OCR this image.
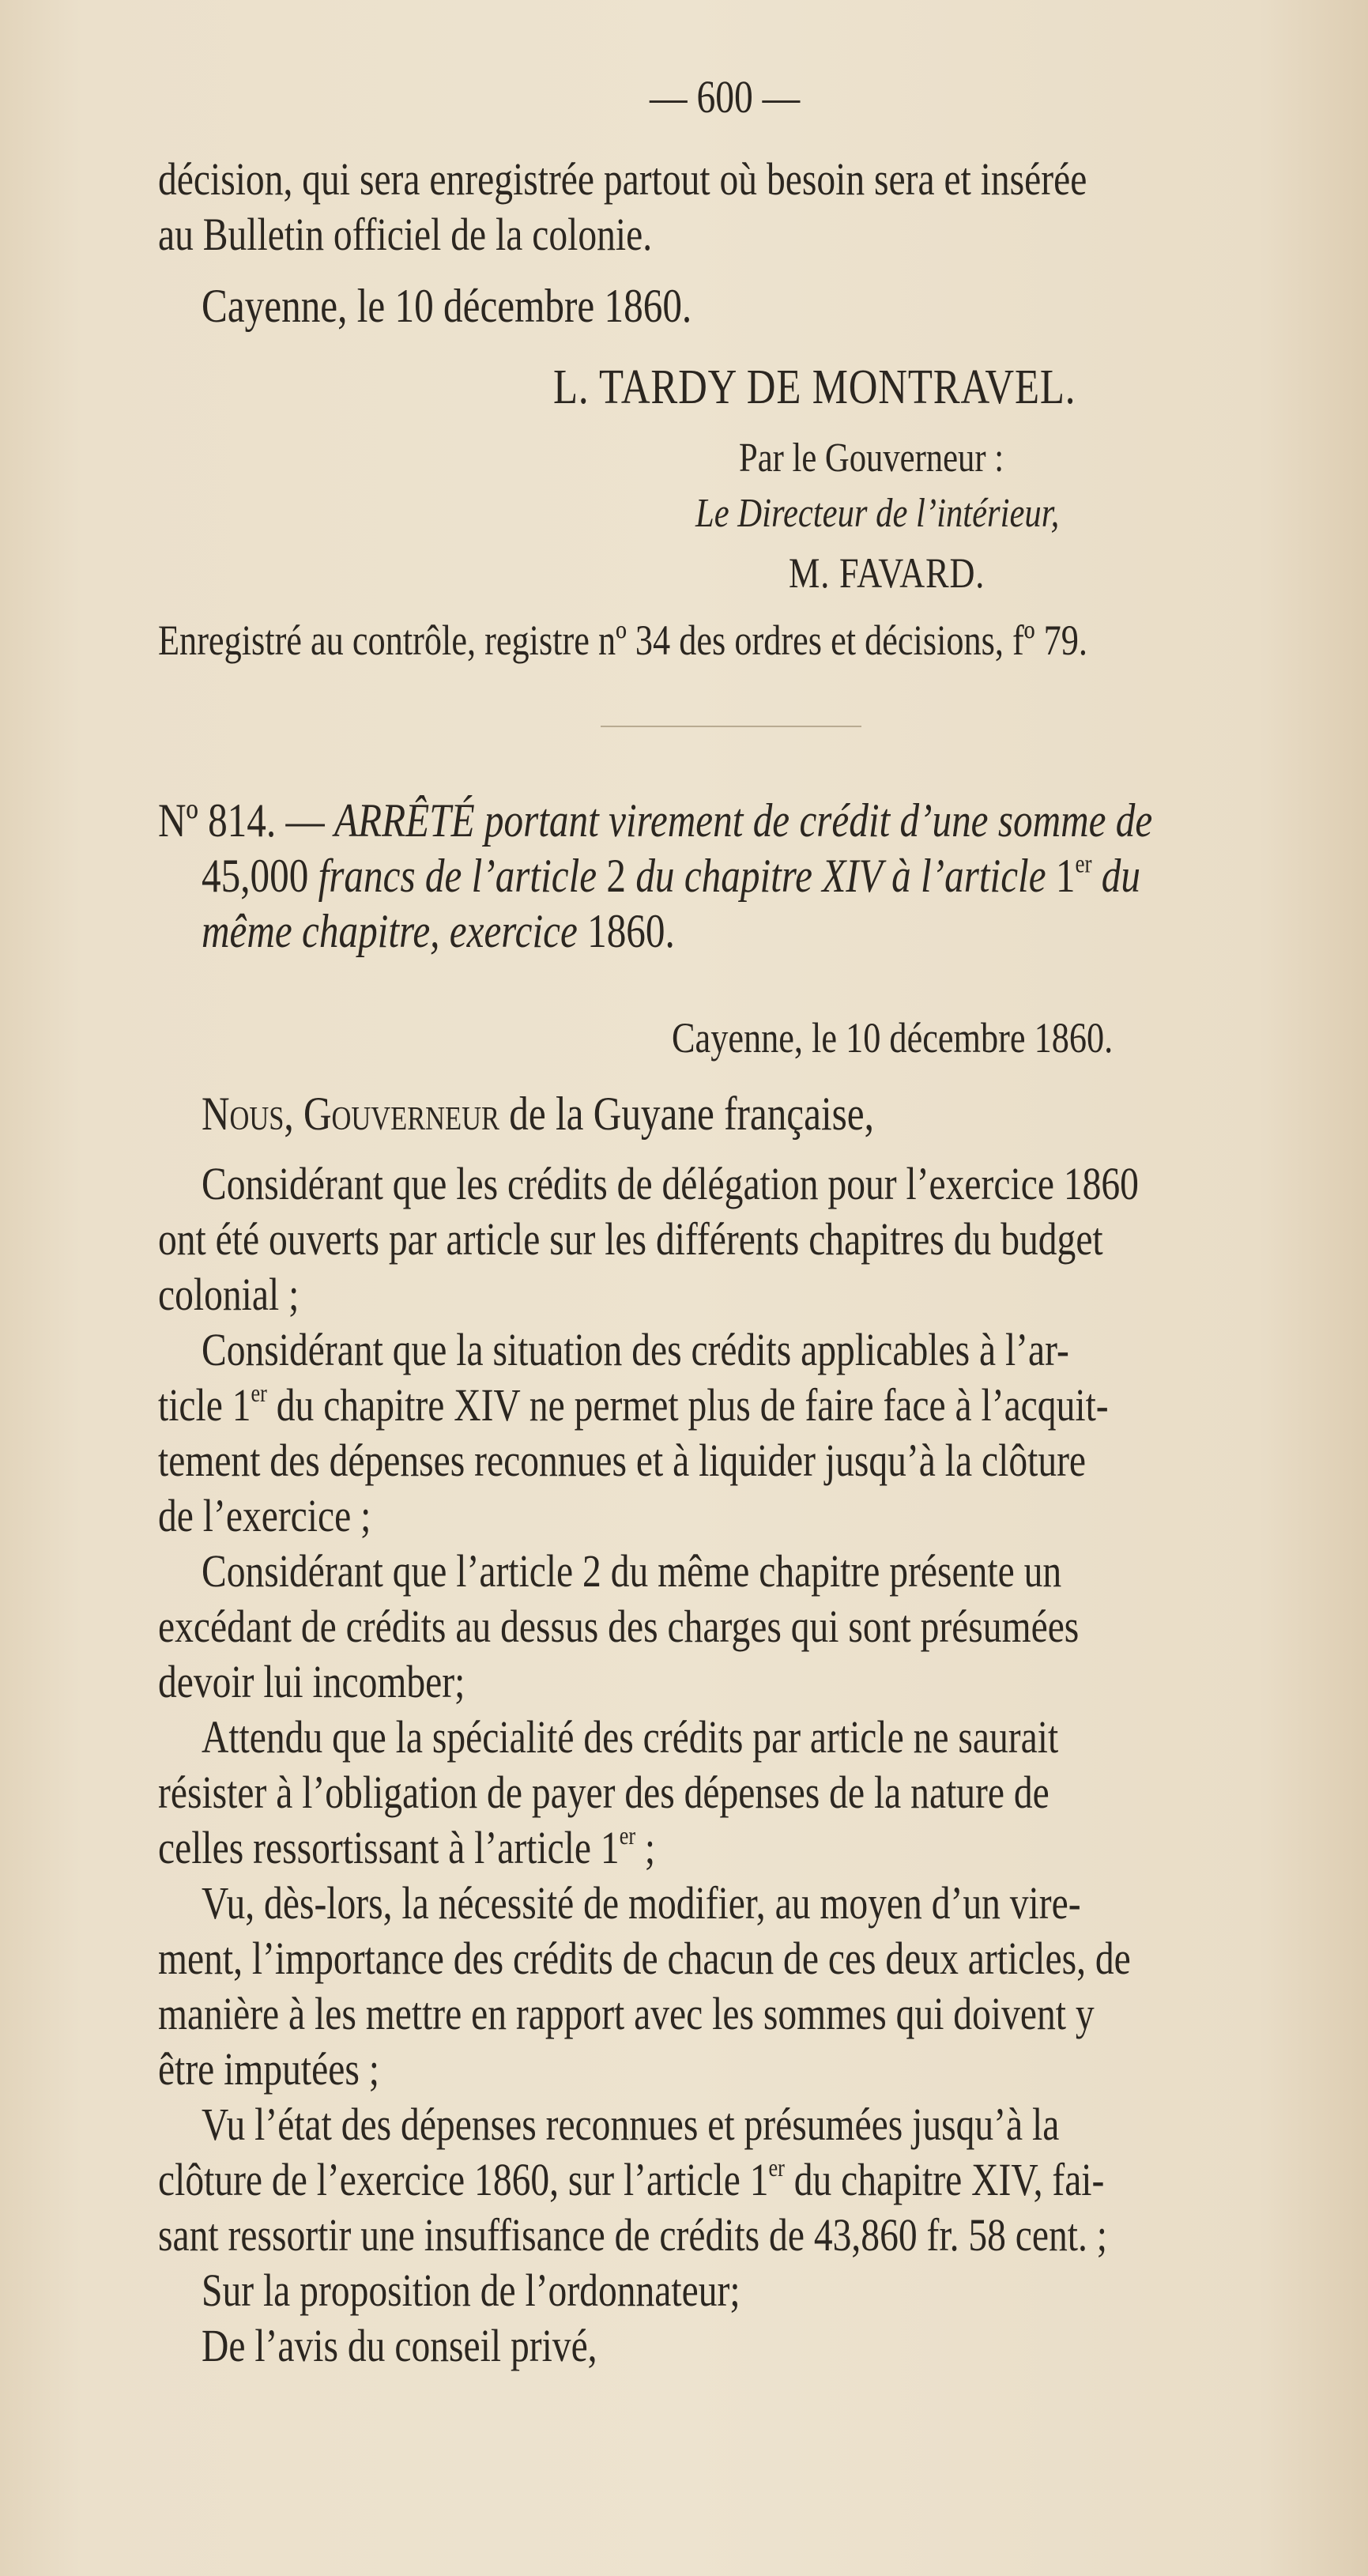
— 600 —
décision, qui sera enregistrée partout où besoin sera et insérée
au Bulletin officiel de la colonie.
Cayenne, le 10 décembre 1860.
L. TARDY DE MONTRAVEL.
Par le Gouverneur :
Le Directeur de l’intérieur,
M. FAVARD.
Enregistré au contrôle, registre nº 34 des ordres et décisions, fº 79.
Nº 814. — ARRÊTÉ portant virement de crédit d’une somme de
45,000 francs de l’article 2 du chapitre XIV à l’article 1er du
même chapitre, exercice 1860.
Cayenne, le 10 décembre 1860.
Nous, Gouverneur de la Guyane française,
Considérant que les crédits de délégation pour l’exercice 1860
ont été ouverts par article sur les différents chapitres du budget
colonial ;
Considérant que la situation des crédits applicables à l’ar-
ticle 1er du chapitre XIV ne permet plus de faire face à l’acquit-
tement des dépenses reconnues et à liquider jusqu’à la clôture
de l’exercice ;
Considérant que l’article 2 du même chapitre présente un
excédant de crédits au dessus des charges qui sont présumées
devoir lui incomber;
Attendu que la spécialité des crédits par article ne saurait
résister à l’obligation de payer des dépenses de la nature de
celles ressortissant à l’article 1er ;
Vu, dès-lors, la nécessité de modifier, au moyen d’un vire-
ment, l’importance des crédits de chacun de ces deux articles, de
manière à les mettre en rapport avec les sommes qui doivent y
être imputées ;
Vu l’état des dépenses reconnues et présumées jusqu’à la
clôture de l’exercice 1860, sur l’article 1er du chapitre XIV, fai-
sant ressortir une insuffisance de crédits de 43,860 fr. 58 cent. ;
Sur la proposition de l’ordonnateur;
De l’avis du conseil privé,
